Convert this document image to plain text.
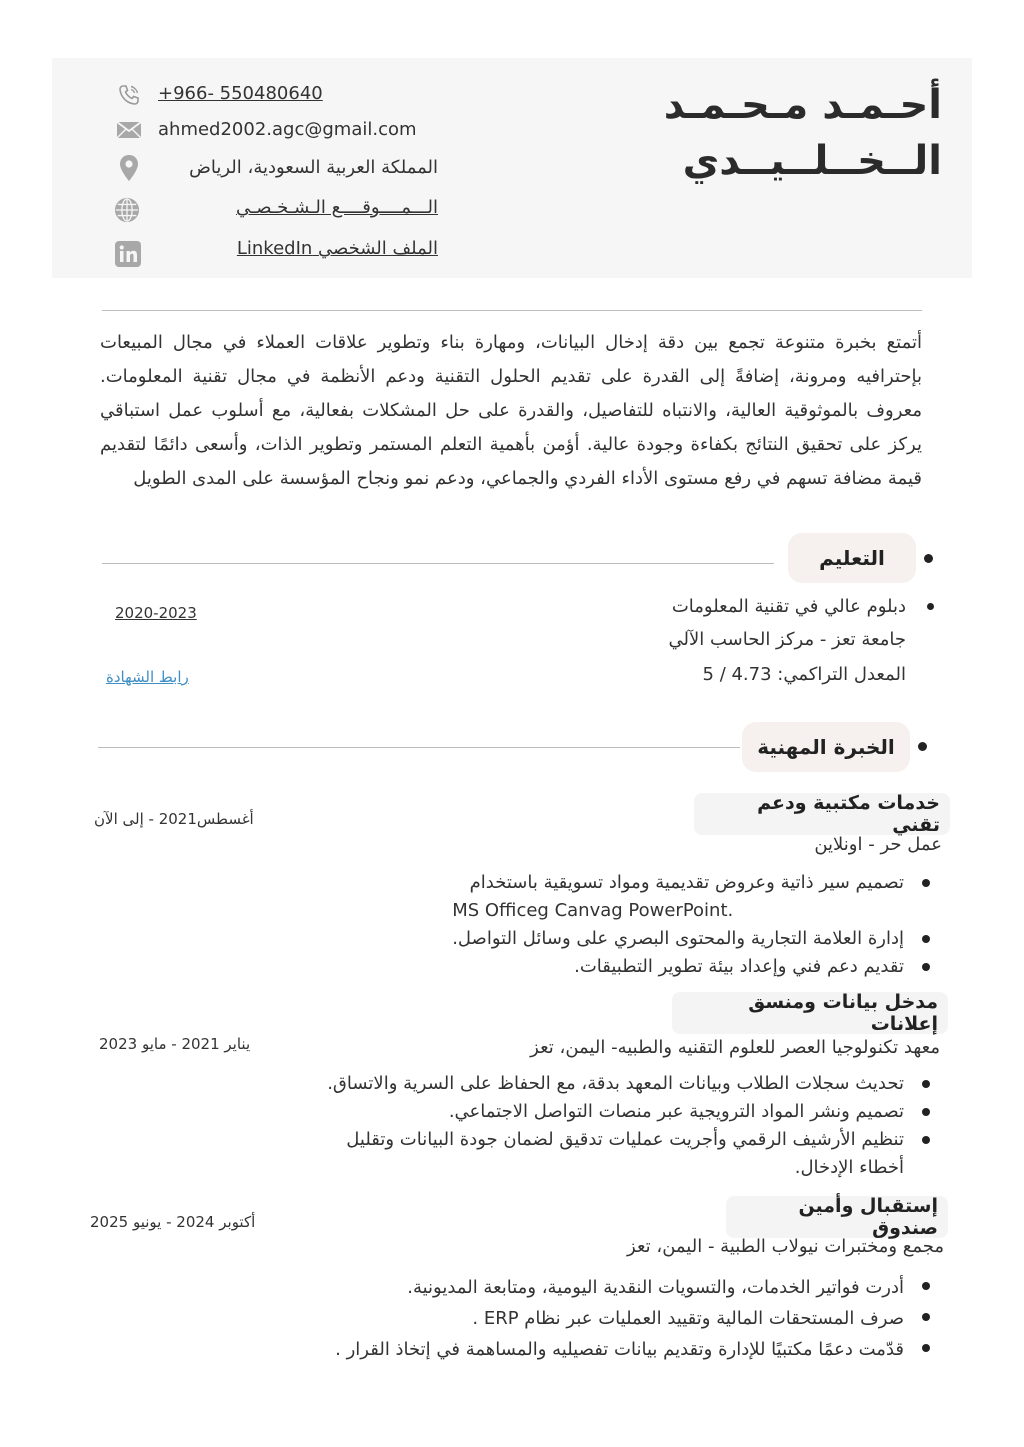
أحـمـد مـحـمـد
الــخــلــيــدي
+966- 550480640
ahmed2002.agc@gmail.com
المملكة العربية السعودية، الرياض
الـــمــــوقــــع الـشـخـصـي
الملف الشخصي LinkedIn
أتمتع بخبرة متنوعة تجمع بين دقة إدخال البيانات، ومهارة بناء وتطوير علاقات العملاء في مجال المبيعات بإحترافيه ومرونة، إضافةً إلى القدرة على تقديم الحلول التقنية ودعم الأنظمة في مجال تقنية المعلومات. معروف بالموثوقية العالية، والانتباه للتفاصيل، والقدرة على حل المشكلات بفعالية، مع أسلوب عمل استباقي يركز على تحقيق النتائج بكفاءة وجودة عالية. أؤمن بأهمية التعلم المستمر وتطوير الذات، وأسعى دائمًا لتقديم قيمة مضافة تسهم في رفع مستوى الأداء الفردي والجماعي، ودعم نمو ونجاح المؤسسة على المدى الطويل
التعليم
دبلوم عالي في تقنية المعلومات
جامعة تعز - مركز الحاسب الآلي
المعدل التراكمي: 4.73 / 5
2020-2023
رابط الشهادة
الخبرة المهنية
خدمات مكتبية ودعم تقني
أغسطس2021 - إلى الآن
عمل حر - اونلاين
تصميم سير ذاتية وعروض تقديمية ومواد تسويقية باستخدام
MS Officeg Canvag PowerPoint.
إدارة العلامة التجارية والمحتوى البصري على وسائل التواصل.
تقديم دعم فني وإعداد بيئة تطوير التطبيقات.
مدخل بيانات ومنسق إعلانات
يناير 2021 - مايو 2023	معهد تكنولوجيا العصر للعلوم التقنيه والطبيه- اليمن، تعز
تحديث سجلات الطلاب وبيانات المعهد بدقة، مع الحفاظ على السرية والاتساق.
تصميم ونشر المواد الترويجية عبر منصات التواصل الاجتماعي.
تنظيم الأرشيف الرقمي وأجريت عمليات تدقيق لضمان جودة البيانات وتقليل
أخطاء الإدخال.
إستقبال وأمين صندوق
أكتوبر 2024 - يونيو 2025
مجمع ومختبرات نيولاب الطبية - اليمن، تعز
أدرت فواتير الخدمات، والتسويات النقدية اليومية، ومتابعة المديونية.
صرف المستحقات المالية وتقييد العمليات عبر نظام ERP .
قدّمت دعمًا مكتبيًا للإدارة وتقديم بيانات تفصيليه والمساهمة في إتخاذ القرار .
